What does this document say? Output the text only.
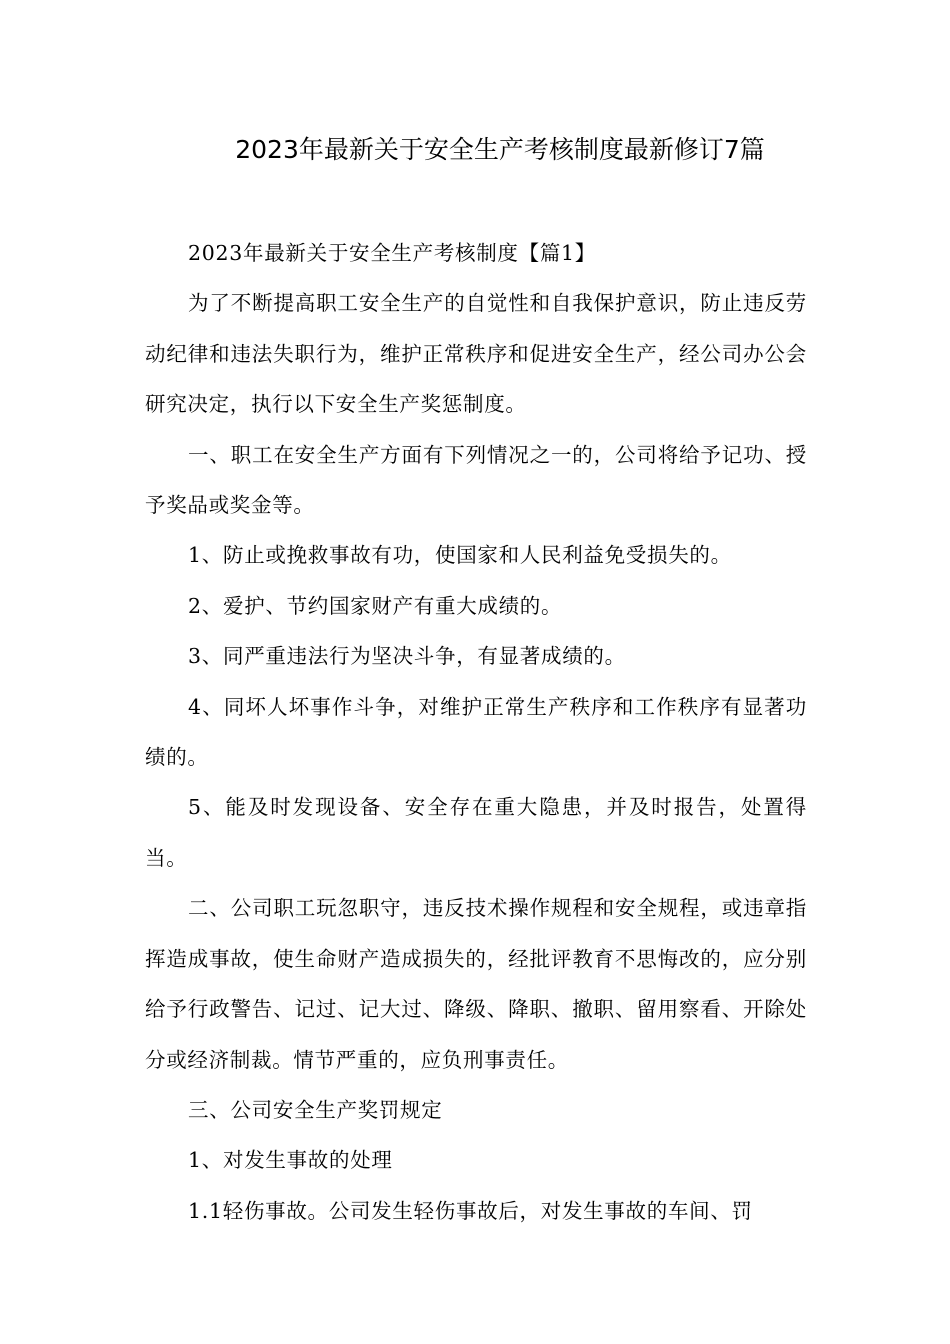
2023年最新关于安全生产考核制度最新修订7篇

2023年最新关于安全生产考核制度【篇1】

为了不断提高职工安全生产的自觉性和自我保护意识，防止违反劳动纪律和违法失职行为，维护正常秩序和促进安全生产，经公司办公会研究决定，执行以下安全生产奖惩制度。

一、职工在安全生产方面有下列情况之一的，公司将给予记功、授予奖品或奖金等。

1、防止或挽救事故有功，使国家和人民利益免受损失的。

2、爱护、节约国家财产有重大成绩的。

3、同严重违法行为坚决斗争，有显著成绩的。

4、同坏人坏事作斗争，对维护正常生产秩序和工作秩序有显著功绩的。

5、能及时发现设备、安全存在重大隐患，并及时报告，处置得当。

二、公司职工玩忽职守，违反技术操作规程和安全规程，或违章指挥造成事故，使生命财产造成损失的，经批评教育不思悔改的，应分别给予行政警告、记过、记大过、降级、降职、撤职、留用察看、开除处分或经济制裁。情节严重的，应负刑事责任。

三、公司安全生产奖罚规定

1、对发生事故的处理

1.1轻伤事故。公司发生轻伤事故后，对发生事故的车间、罚
